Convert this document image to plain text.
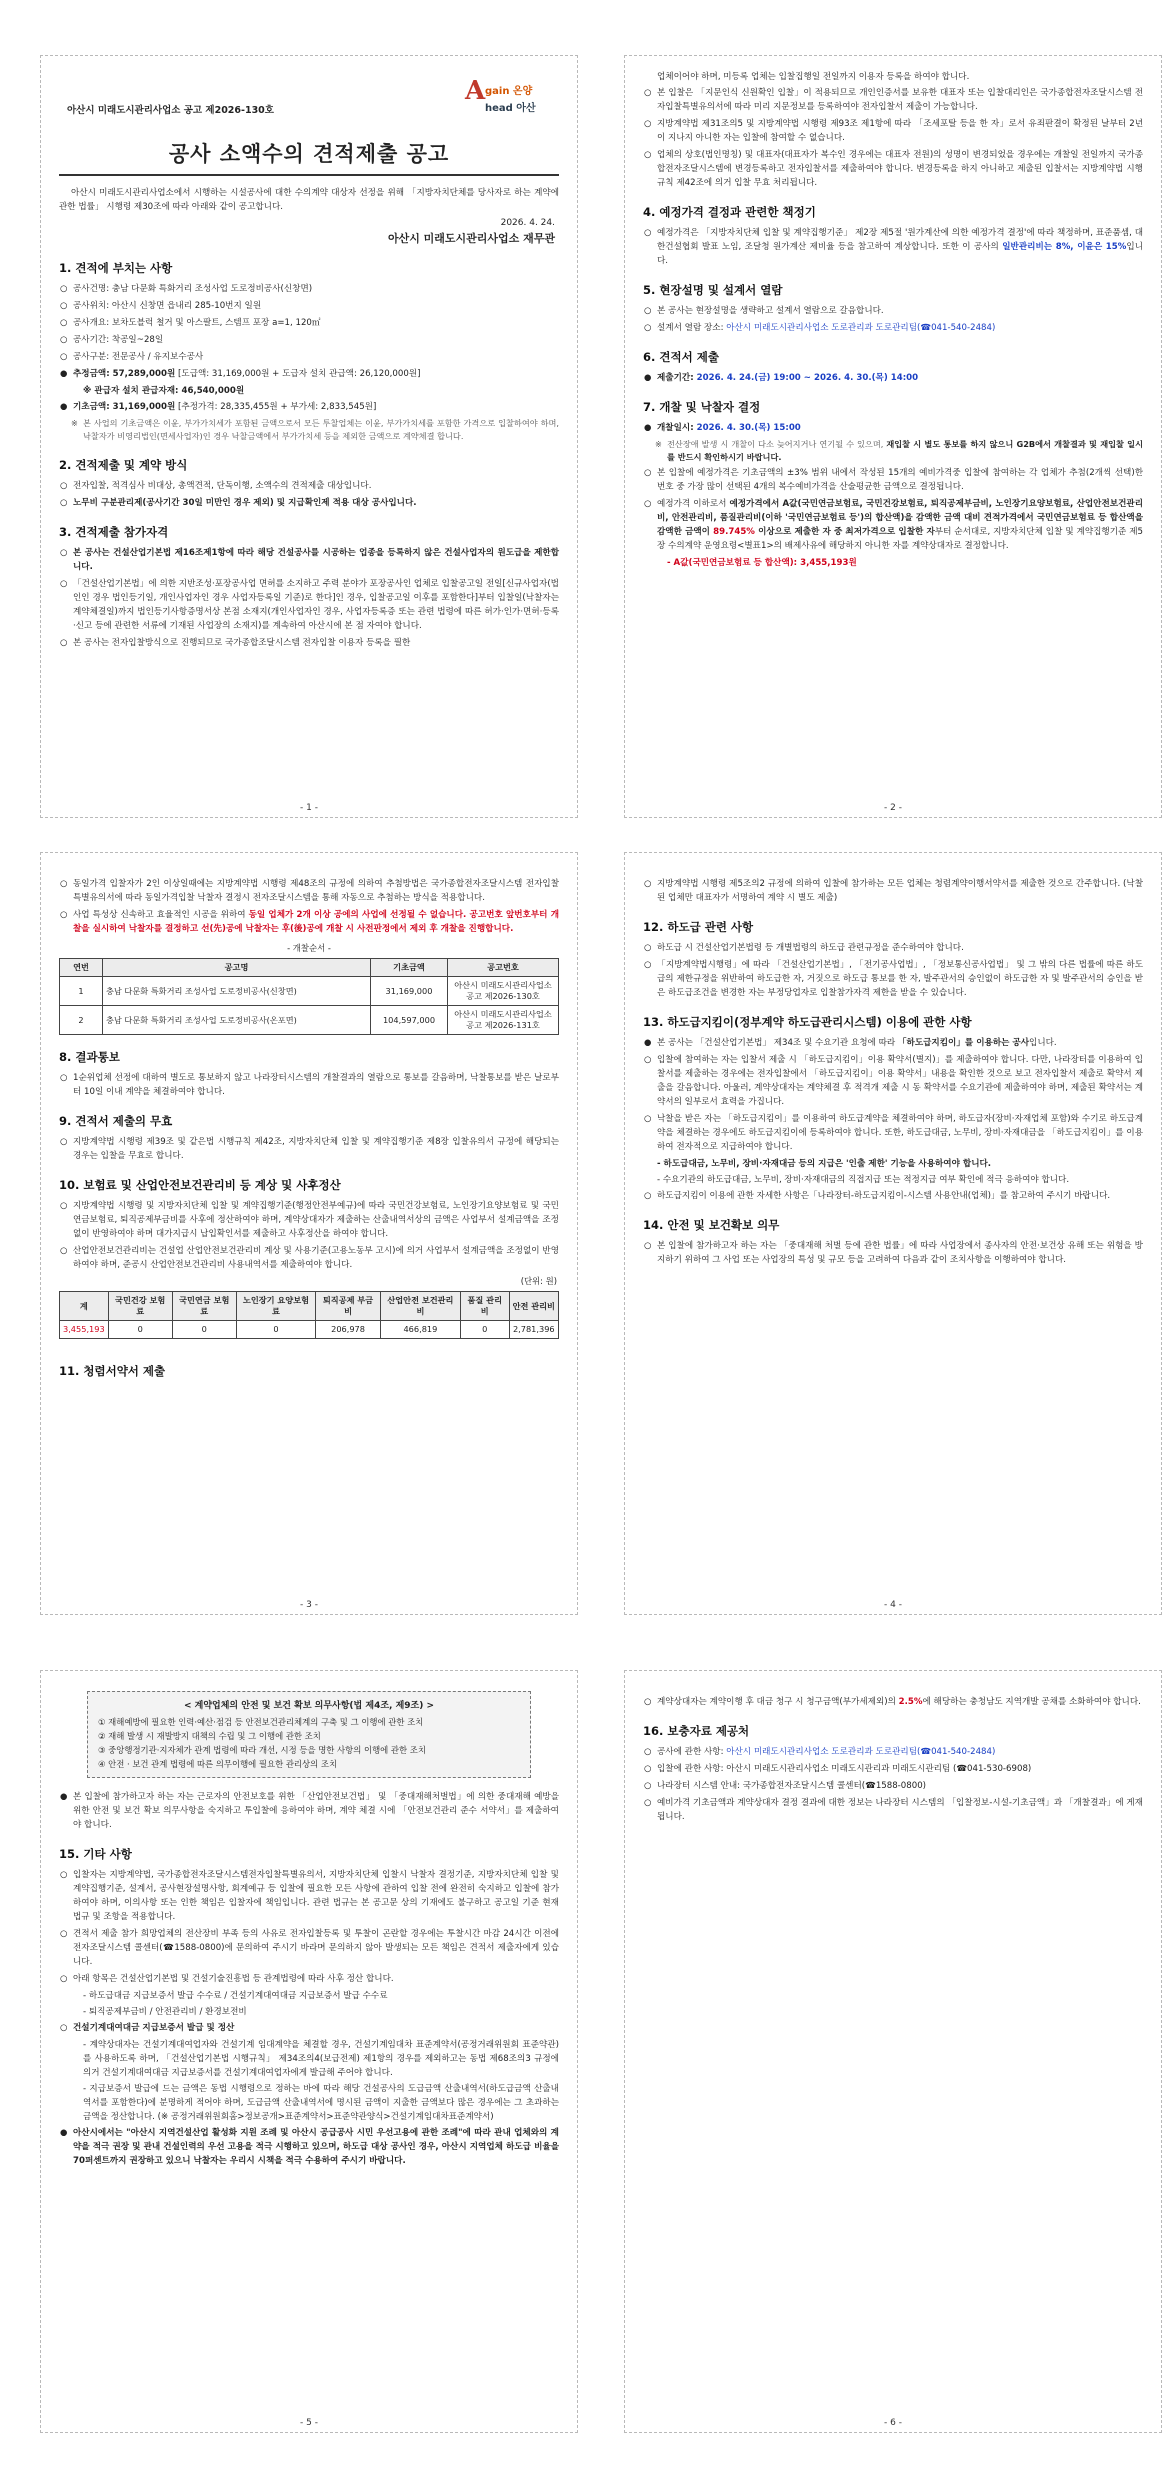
아산시 미래도시관리사업소 공고 제2026-130호
A gain 온양
head 아산
공사 소액수의 견적제출 공고

아산시 미래도시관리사업소에서 시행하는 시설공사에 대한 수의계약 대상자 선정을 위해 「지방자치단체를 당사자로 하는 계약에 관한 법률」 시행령 제30조에 따라 아래와 같이 공고합니다.

2026. 4. 24.
아산시 미래도시관리사업소 재무관
1. 견적에 부치는 사항
○ 공사건명: 충남 다문화 특화거리 조성사업 도로정비공사(신창면)
○ 공사위치: 아산시 신창면 읍내리 285-10번지 일원
○ 공사개요: 보차도블럭 철거 및 아스팔트, 스템프 포장 a=1, 120㎡
○ 공사기간: 착공일~28일
○ 공사구분: 전문공사 / 유지보수공사
● 추정금액: 57,289,000원 [도급액: 31,169,000원 + 도급자 설치 관급액: 26,120,000원]
※ 관급자 설치 관급자재: 46,540,000원
● 기초금액: 31,169,000원 [추정가격: 28,335,455원 + 부가세: 2,833,545원]
※ 본 사업의 기초금액은 이윤, 부가가치세가 포함된 금액으로서 모든 투찰업체는 이윤, 부가가치세를 포함한 가격으로 입찰하여야 하며, 낙찰자가 비영리법인(면세사업자)인 경우 낙찰금액에서 부가가치세 등을 제외한 금액으로 계약체결 합니다.
2. 견적제출 및 계약 방식
○ 전자입찰, 적격심사 비대상, 총액견적, 단독이행, 소액수의 견적제출 대상입니다.
○ 노무비 구분관리제(공사기간 30일 미만인 경우 제외) 및 지급확인제 적용 대상 공사입니다.
3. 견적제출 참가자격
○ 본 공사는 건설산업기본법 제16조제1항에 따라 해당 건설공사를 시공하는 업종을 등록하지 않은 건설사업자의 원도급을 제한합니다.
○ 「건설산업기본법」에 의한 지반조성·포장공사업 면허를 소지하고 주력 분야가 포장공사인 업체로 입찰공고일 전일[신규사업자(법인인 경우 법인등기일, 개인사업자인 경우 사업자등록일 기준)로 한다]인 경우, 입찰공고일 이후를 포함한다]부터 입찰일(낙찰자는 계약체결일)까지 법인등기사항증명서상 본점 소재지(개인사업자인 경우, 사업자등록증 또는 관련 법령에 따른 허가·인가·면허·등록·신고 등에 관련한 서류에 기재된 사업장의 소재지)를 계속하여 아산시에 본 점 자여야 합니다.
○ 본 공사는 전자입찰방식으로 진행되므로 국가종합조달시스템 전자입찰 이용자 등록을 필한
- 1 -
업체이어야 하며, 미등록 업체는 입찰집행일 전일까지 이용자 등록을 하여야 합니다.
○ 본 입찰은 「지문인식 신원확인 입찰」이 적용되므로 개인인증서를 보유한 대표자 또는 입찰대리인은 국가종합전자조달시스템 전자입찰특별유의서에 따라 미리 지문정보를 등록하여야 전자입찰서 제출이 가능합니다.
○ 지방계약법 제31조의5 및 지방계약법 시행령 제93조 제1항에 따라 「조세포탈 등을 한 자」로서 유죄판결이 확정된 날부터 2년이 지나지 아니한 자는 입찰에 참여할 수 없습니다.
○ 업체의 상호(법인명칭) 및 대표자(대표자가 복수인 경우에는 대표자 전원)의 성명이 변경되었을 경우에는 개찰일 전일까지 국가종합전자조달시스템에 변경등록하고 전자입찰서를 제출하여야 합니다. 변경등록을 하지 아니하고 제출된 입찰서는 지방계약법 시행규칙 제42조에 의거 입찰 무효 처리됩니다.
4. 예정가격 결정과 관련한 책정기
○ 예정가격은 「지방자치단체 입찰 및 계약집행기준」 제2장 제5절 '원가계산에 의한 예정가격 결정'에 따라 책정하며, 표준품셈, 대한건설협회 발표 노임, 조달청 원가계산 제비율 등을 참고하여 계상합니다. 또한 이 공사의 일반관리비는 8%, 이윤은 15%입니다.
5. 현장설명 및 설계서 열람
○ 본 공사는 현장설명을 생략하고 설계서 열람으로 갈음합니다.
○ 설계서 열람 장소: 아산시 미래도시관리사업소 도로관리과 도로관리팀(☎041-540-2484)
6. 견적서 제출
● 제출기간: 2026. 4. 24.(금) 19:00 ~ 2026. 4. 30.(목) 14:00
7. 개찰 및 낙찰자 결정
● 개찰일시: 2026. 4. 30.(목) 15:00
※ 전산장애 발생 시 개찰이 다소 늦어지거나 연기될 수 있으며, 재입찰 시 별도 통보를 하지 않으니 G2B에서 개찰결과 및 재입찰 일시를 반드시 확인하시기 바랍니다.
○ 본 입찰에 예정가격은 기초금액의 ±3% 범위 내에서 작성된 15개의 예비가격중 입찰에 참여하는 각 업체가 추첨(2개씩 선택)한 번호 중 가장 많이 선택된 4개의 복수예비가격을 산술평균한 금액으로 결정됩니다.
○ 예정가격 이하로서 예정가격에서 A값(국민연금보험료, 국민건강보험료, 퇴직공제부금비, 노인장기요양보험료, 산업안전보건관리비, 안전관리비, 품질관리비(이하 '국민연금보험료 등')의 합산액)을 감액한 금액 대비 견적가격에서 국민연금보험료 등 합산액을 감액한 금액이 89.745% 이상으로 제출한 자 중 최저가격으로 입찰한 자부터 순서대로, 지방자치단체 입찰 및 계약집행기준 제5장 수의계약 운영요령<별표1>의 배제사유에 해당하지 아니한 자를 계약상대자로 결정합니다.
- A값(국민연금보험료 등 합산액): 3,455,193원
- 2 -
○ 동일가격 입찰자가 2인 이상일때에는 지방계약법 시행령 제48조의 규정에 의하여 추첨방법은 국가종합전자조달시스템 전자입찰특별유의서에 따라 동일가격입찰 낙찰자 결정시 전자조달시스템을 통해 자동으로 추첨하는 방식을 적용합니다.
○ 사업 특성상 신속하고 효율적인 시공을 위하여 동일 업체가 2개 이상 공에의 사업에 선정될 수 없습니다. 공고번호 앞번호부터 개찰을 실시하여 낙찰자를 결정하고 선(先)공에 낙찰자는 후(後)공에 개찰 시 사전판정에서 제외 후 개찰을 진행합니다.
- 개찰순서 -
연번	공고명	기초금액	공고번호
1	충남 다문화 특화거리 조성사업 도로정비공사(신창면)	31,169,000	아산시 미래도시관리사업소 공고 제2026-130호
2	충남 다문화 특화거리 조성사업 도로정비공사(온포면)	104,597,000	아산시 미래도시관리사업소 공고 제2026-131호
8. 결과통보
○ 1순위업체 선정에 대하여 별도로 통보하지 않고 나라장터시스템의 개찰결과의 열람으로 통보를 갈음하며, 낙찰통보를 받은 날로부터 10일 이내 계약을 체결하여야 합니다.
9. 견적서 제출의 무효
○ 지방계약법 시행령 제39조 및 같은법 시행규칙 제42조, 지방자치단체 입찰 및 계약집행기준 제8장 입찰유의서 규정에 해당되는 경우는 입찰을 무효로 합니다.
10. 보험료 및 산업안전보건관리비 등 계상 및 사후정산
○ 지방계약법 시행령 및 지방자치단체 입찰 및 계약집행기준(행정안전부예규)에 따라 국민건강보험료, 노인장기요양보험료 및 국민연금보험료, 퇴직공제부금비를 사후에 정산하여야 하며, 계약상대자가 제출하는 산출내역서상의 금액은 사업부서 설계금액을 조정없이 반영하여야 하며 대가지급시 납입확인서를 제출하고 사후정산을 하여야 합니다.
○ 산업안전보건관리비는 건설업 산업안전보건관리비 계상 및 사용기준(고용노동부 고시)에 의거 사업부서 설계금액을 조정없이 반영하여야 하며, 준공시 산업안전보건관리비 사용내역서를 제출하여야 합니다.
(단위: 원)
계	국민건강 보험료	국민연금 보험료	노인장기 요양보험료	퇴직공제 부금비	산업안전 보건관리비	품질 관리비	안전 관리비
3,455,193	0	0	0	206,978	466,819	0	2,781,396
11. 청렴서약서 제출
- 3 -
○ 지방계약법 시행령 제5조의2 규정에 의하여 입찰에 참가하는 모든 업체는 청렴계약이행서약서를 제출한 것으로 간주합니다. (낙찰된 업체만 대표자가 서명하여 계약 시 별도 제출)
12. 하도급 관련 사항
○ 하도급 시 건설산업기본법령 등 개별법령의 하도급 관련규정을 준수하여야 합니다.
○ 「지방계약법시행령」에 따라 「건설산업기본법」, 「전기공사업법」, 「정보통신공사업법」 및 그 밖의 다른 법률에 따른 하도급의 제한규정을 위반하여 하도급한 자, 거짓으로 하도급 통보를 한 자, 발주관서의 승인없이 하도급한 자 및 발주관서의 승인을 받은 하도급조건을 변경한 자는 부정당업자로 입찰참가자격 제한을 받을 수 있습니다.
13. 하도급지킴이(정부계약 하도급관리시스템) 이용에 관한 사항
● 본 공사는 「건설산업기본법」 제34조 및 수요기관 요청에 따라 「하도급지킴이」를 이용하는 공사입니다.
○ 입찰에 참여하는 자는 입찰서 제출 시 「하도급지킴이」이용 확약서(별지)」를 제출하여야 합니다. 다만, 나라장터를 이용하여 입찰서를 제출하는 경우에는 전자입찰에서 「하도급지킴이」이용 확약서」내용을 확인한 것으로 보고 전자입찰서 제출로 확약서 제출을 갈음합니다. 아울러, 계약상대자는 계약체결 후 적격개 제출 시 동 확약서를 수요기관에 제출하여야 하며, 제출된 확약서는 계약서의 일부로서 효력을 가집니다.
○ 낙찰을 받은 자는 「하도급지킴이」를 이용하여 하도급계약을 체결하여야 하며, 하도급자(장비·자재업체 포함)와 수기로 하도급계약을 체결하는 경우에도 하도급지킴이에 등록하여야 합니다. 또한, 하도급대금, 노무비, 장비·자재대금을 「하도급지킴이」를 이용하여 전자적으로 지급하여야 합니다.
- 하도급대금, 노무비, 장비·자재대금 등의 지급은 '인출 제한' 기능을 사용하여야 합니다.
- 수요기관의 하도급대금, 노무비, 장비·자재대금의 직접지급 또는 적정지급 여부 확인에 적극 응하여야 합니다.
○ 하도급지킴이 이용에 관한 자세한 사항은「나라장터-하도급지킴이-시스템 사용안내(업체)」를 참고하여 주시기 바랍니다.
14. 안전 및 보건확보 의무
○ 본 입찰에 참가하고자 하는 자는 「중대재해 처벌 등에 관한 법률」에 따라 사업장에서 종사자의 안전·보건상 유해 또는 위험을 방지하기 위하여 그 사업 또는 사업장의 특성 및 규모 등을 고려하여 다음과 같이 조치사항을 이행하여야 합니다.
- 4 -
< 계약업체의 안전 및 보건 확보 의무사항(법 제4조, 제9조) >
① 재해예방에 필요한 인력·예산·점검 등 안전보건관리체계의 구축 및 그 이행에 관한 조치
② 재해 발생 시 재발방지 대책의 수립 및 그 이행에 관한 조치
③ 중앙행정기관·지자체가 관계 법령에 따라 개선, 시정 등을 명한 사항의 이행에 관한 조치
④ 안전 · 보건 관계 법령에 따른 의무이행에 필요한 관리상의 조치
● 본 입찰에 참가하고자 하는 자는 근로자의 안전보호를 위한 「산업안전보건법」 및 「중대재해처벌법」에 의한 중대재해 예방을 위한 안전 및 보건 확보 의무사항을 숙지하고 투입찰에 응하여야 하며, 계약 체결 시에 「안전보건관리 준수 서약서」를 제출하여야 합니다.
15. 기타 사항
○ 입찰자는 지방계약법, 국가종합전자조달시스템전자입찰특별유의서, 지방자치단체 입찰시 낙찰자 결정기준, 지방자치단체 입찰 및 계약집행기준, 설계서, 공사현장설명사항, 회계예규 등 입찰에 필요한 모든 사항에 관하여 입찰 전에 완전히 숙지하고 입찰에 참가하여야 하며, 이의사항 또는 인한 책임은 입찰자에 책임입니다. 관련 법규는 본 공고문 상의 기재에도 불구하고 공고일 기준 현재 법규 및 조항을 적용합니다.
○ 견적서 제출 참가 희망업체의 전산장비 부족 등의 사유로 전자입찰등록 및 투찰이 곤란할 경우에는 투찰시간 마감 24시간 이전에 전자조달시스템 콜센터(☎1588-0800)에 문의하여 주시기 바라며 문의하지 않아 발생되는 모든 책임은 견적서 제출자에게 있습니다.
○ 아래 항목은 건설산업기본법 및 건설기술진흥법 등 관계법령에 따라 사후 정산 합니다.
- 하도급대금 지급보증서 발급 수수료 / 건설기계대여대금 지급보증서 발급 수수료
- 퇴직공제부금비 / 안전관리비 / 환경보전비
○ 건설기계대여대금 지급보증서 발급 및 정산
- 계약상대자는 건설기계대여업자와 건설기계 임대계약을 체결할 경우, 건설기계임대차 표준계약서(공정거래위원회 표준약관)를 사용하도록 하며, 「건설산업기본법 시행규칙」 제34조의4(보급전제) 제1항의 경우를 제외하고는 동법 제68조의3 규정에 의거 건설기계대여대금 지급보증서를 건설기계대여업자에게 발급해 주어야 합니다.
- 지급보증서 발급에 드는 금액은 동법 시행령으로 정하는 바에 따라 해당 건설공사의 도급금액 산출내역서(하도급금액 산출내역서를 포함한다)에 분명하게 적어야 하며, 도급금액 산출내역서에 명시된 금액이 지출한 금액보다 많은 경우에는 그 초과하는 금액을 정산합니다. (※ 공정거래위원회홈>정보공개>표준계약서>표준약관양식>건설기계임대차표준계약서)
● 아산시에서는 "아산시 지역건설산업 활성화 지원 조례 및 아산시 공급공사 시민 우선고용에 관한 조례"에 따라 관내 업체와의 계약을 적극 권장 및 관내 건설인력의 우선 고용을 적극 시행하고 있으며, 하도급 대상 공사인 경우, 아산시 지역업체 하도급 비율을 70퍼센트까지 권장하고 있으니 낙찰자는 우리시 시책을 적극 수용하여 주시기 바랍니다.
- 5 -
○ 계약상대자는 계약이행 후 대금 청구 시 청구금액(부가세제외)의 2.5%에 해당하는 충청남도 지역개발 공채를 소화하여야 합니다.
16. 보충자료 제공처
○ 공사에 관한 사항: 아산시 미래도시관리사업소 도로관리과 도로관리팀(☎041-540-2484)
○ 입찰에 관한 사항: 아산시 미래도시관리사업소 미래도시관리과 미래도시관리팀 (☎041-530-6908)
○ 나라장터 시스템 안내: 국가종합전자조달시스템 콜센터(☎1588-0800)
○ 예비가격 기초금액과 계약상대자 결정 결과에 대한 정보는 나라장터 시스템의 「입찰정보-시설-기초금액」과 「개찰결과」에 게재됩니다.
- 6 -
